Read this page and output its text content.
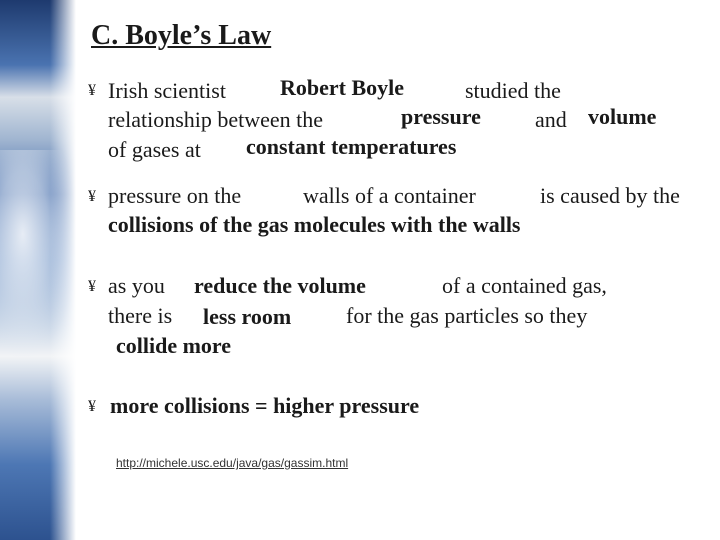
C. Boyle’s Law
¥ Irish scientist Robert Boyle	studied the
relationship between the	pressure and volume
of gases at constant temperatures
¥ pressure on the	walls of a container	is caused by the
collisions of the gas molecules with the walls
¥ as you reduce the volume	of a contained gas,
there is less room for the gas particles so they
collide more
¥ more collisions = higher pressure
http://michele.usc.edu/java/gas/gassim.html
